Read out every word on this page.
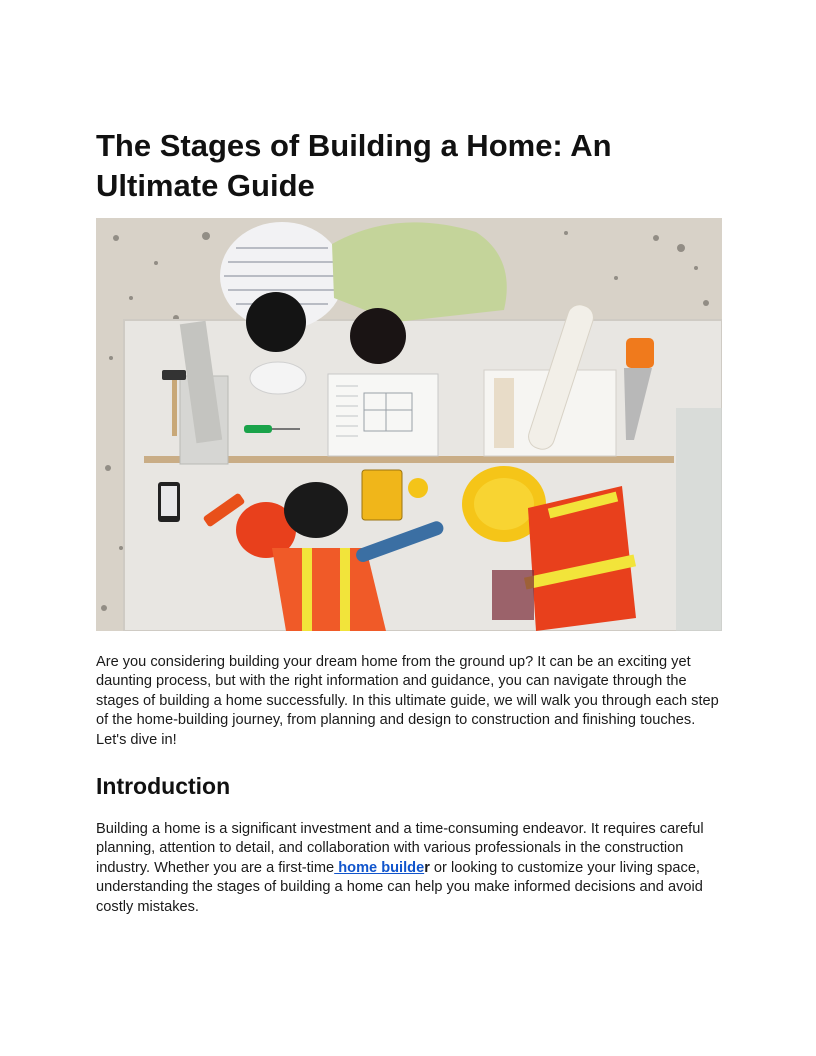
The Stages of Building a Home: An Ultimate Guide

Are you considering building your dream home from the ground up? It can be an exciting yet daunting process, but with the right information and guidance, you can navigate through the stages of building a home successfully. In this ultimate guide, we will walk you through each step of the home-building journey, from planning and design to construction and finishing touches. Let's dive in!

Introduction

Building a home is a significant investment and a time-consuming endeavor. It requires careful planning, attention to detail, and collaboration with various professionals in the construction industry. Whether you are a first-time home builder or looking to customize your living space, understanding the stages of building a home can help you make informed decisions and avoid costly mistakes.
